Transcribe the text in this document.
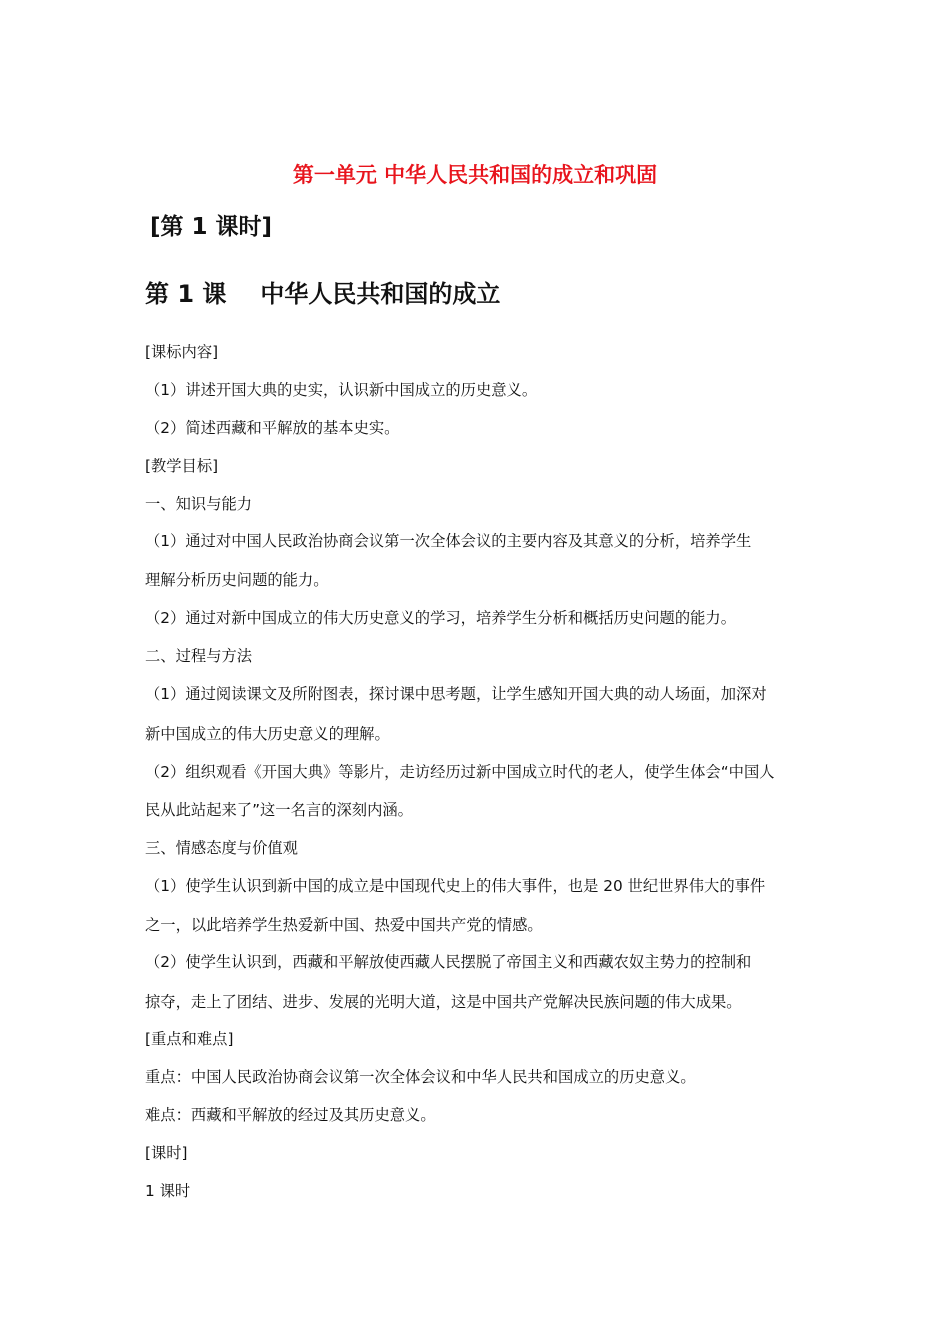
第一单元 中华人民共和国的成立和巩固
[第 1 课时]
第 1 课 中华人民共和国的成立
[课标内容]
（1）讲述开国大典的史实，认识新中国成立的历史意义。
（2）简述西藏和平解放的基本史实。
[教学目标]
一、知识与能力
（1）通过对中国人民政治协商会议第一次全体会议的主要内容及其意义的分析，培养学生
理解分析历史问题的能力。
（2）通过对新中国成立的伟大历史意义的学习，培养学生分析和概括历史问题的能力。
二、过程与方法
（1）通过阅读课文及所附图表，探讨课中思考题，让学生感知开国大典的动人场面，加深对
新中国成立的伟大历史意义的理解。
（2）组织观看《开国大典》等影片，走访经历过新中国成立时代的老人，使学生体会“中国人
民从此站起来了”这一名言的深刻内涵。
三、情感态度与价值观
（1）使学生认识到新中国的成立是中国现代史上的伟大事件，也是 20 世纪世界伟大的事件
之一，以此培养学生热爱新中国、热爱中国共产党的情感。
（2）使学生认识到，西藏和平解放使西藏人民摆脱了帝国主义和西藏农奴主势力的控制和
掠夺，走上了团结、进步、发展的光明大道，这是中国共产党解决民族问题的伟大成果。
[重点和难点]
重点：中国人民政治协商会议第一次全体会议和中华人民共和国成立的历史意义。
难点：西藏和平解放的经过及其历史意义。
[课时]
1 课时
